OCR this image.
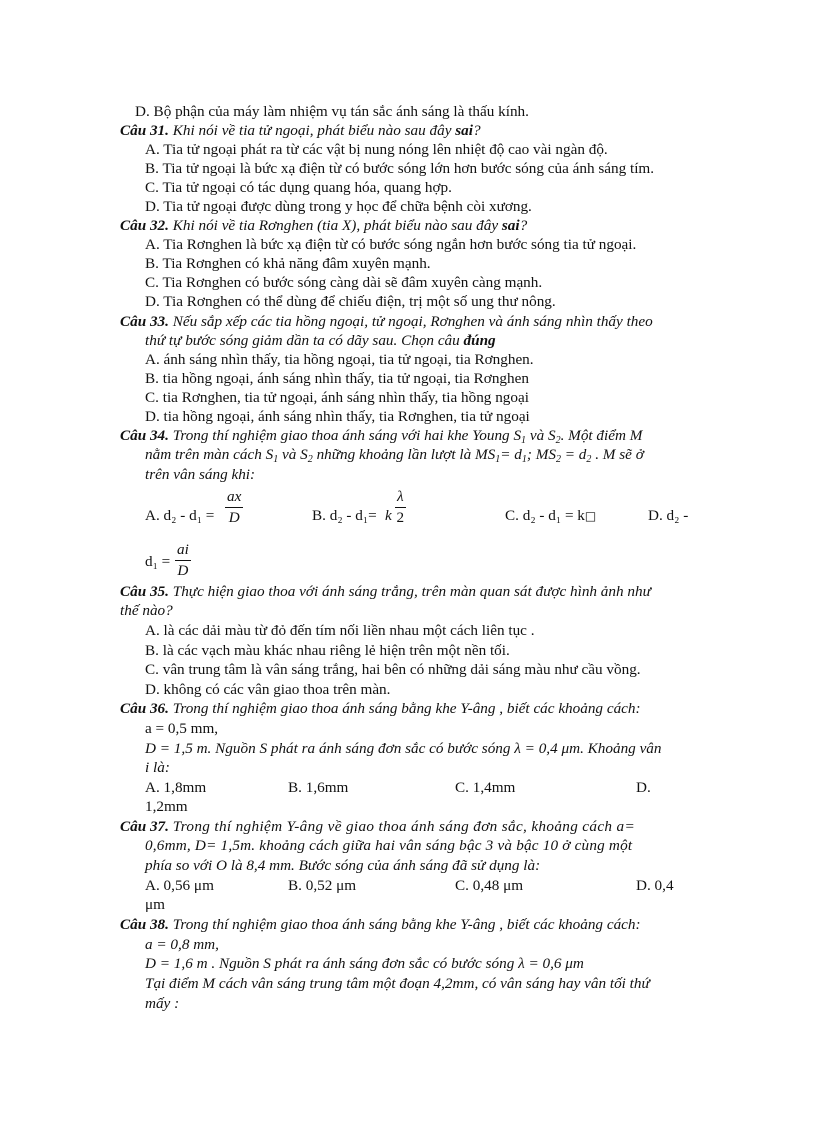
D. Bộ phận của máy làm nhiệm vụ tán sắc ánh sáng là thấu kính.
Câu 31. Khi nói về tia tử ngoại, phát biểu nào sau đây sai?
A. Tia tử ngoại phát ra từ các vật bị nung nóng lên nhiệt độ cao vài ngàn độ.
B. Tia tử ngoại là bức xạ điện từ có bước sóng lớn hơn bước sóng của ánh sáng tím.
C. Tia tử ngoại có tác dụng quang hóa, quang hợp.
D. Tia tử ngoại được dùng trong y học để chữa bệnh còi xương.
Câu 32. Khi nói về tia Rơnghen (tia X), phát biểu nào sau đây sai?
A. Tia Rơnghen là bức xạ điện từ có bước sóng ngắn hơn bước sóng tia tử ngoại.
B. Tia Rơnghen có khả năng đâm xuyên mạnh.
C. Tia Rơnghen có bước sóng càng dài sẽ đâm xuyên càng mạnh.
D. Tia Rơnghen có thể dùng để chiếu điện, trị một số ung thư nông.
Câu 33. Nếu sắp xếp các tia hồng ngoại, tử ngoại, Rơnghen và ánh sáng nhìn thấy theo
thứ tự bước sóng giảm dần ta có dãy sau. Chọn câu đúng
A. ánh sáng nhìn thấy, tia hồng ngoại, tia tử ngoại, tia Rơnghen.
B. tia hồng ngoại, ánh sáng nhìn thấy, tia tử ngoại, tia Rơnghen
C. tia Rơnghen, tia tử ngoại, ánh sáng nhìn thấy, tia hồng ngoại
D. tia hồng ngoại, ánh sáng nhìn thấy, tia Rơnghen, tia tử ngoại
Câu 34. Trong thí nghiệm giao thoa ánh sáng với hai khe Young $S_1$ và $S_2$. Một điểm M
nằm trên màn cách $S_1$ và $S_2$ những khoảng lần lượt là $MS_1= d_1$; $MS_2 = d_2$ . M sẽ ở
trên vân sáng khi:
A. $d_2 - d_1 = \frac{ax}{D}$	B. d₂ - d₁= k $\frac{\lambda}{2}$	C. d₂ - d₁ = k□	D. d₂ -
$d_1 = \frac{ai}{D}$
Câu 35. Thực hiện giao thoa với ánh sáng trắng, trên màn quan sát được hình ảnh như
thế nào?
A. là các dải màu từ đỏ đến tím nối liền nhau một cách liên tục .
B. là các vạch màu khác nhau riêng lẻ hiện trên một nền tối.
C. vân trung tâm là vân sáng trắng, hai bên có những dải sáng màu như cầu vồng.
D. không có các vân giao thoa trên màn.
Câu 36. Trong thí nghiệm giao thoa ánh sáng bằng khe Y-âng , biết các khoảng cách:
a = 0,5 mm,
D = 1,5 m. Nguồn S phát ra ánh sáng đơn sắc có bước sóng λ = 0,4 μm. Khoảng vân
i là:
A. 1,8mm	B. 1,6mm	C. 1,4mm	D.
1,2mm
Câu 37. Trong thí nghiệm Y-âng về giao thoa ánh sáng đơn sắc, khoảng cách a=
0,6mm, D= 1,5m. khoảng cách giữa hai vân sáng bậc 3 và bậc 10 ở cùng một
phía so với O là 8,4 mm. Bước sóng của ánh sáng đã sử dụng là:
A. 0,56 μm	B. 0,52 μm	C. 0,48 μm	D. 0,4
μm
Câu 38. Trong thí nghiệm giao thoa ánh sáng bằng khe Y-âng , biết các khoảng cách:
a = 0,8 mm,
D = 1,6 m . Nguồn S phát ra ánh sáng đơn sắc có bước sóng λ = 0,6 μm
Tại điểm M cách vân sáng trung tâm một đoạn 4,2mm, có vân sáng hay vân tối thứ
mấy :
